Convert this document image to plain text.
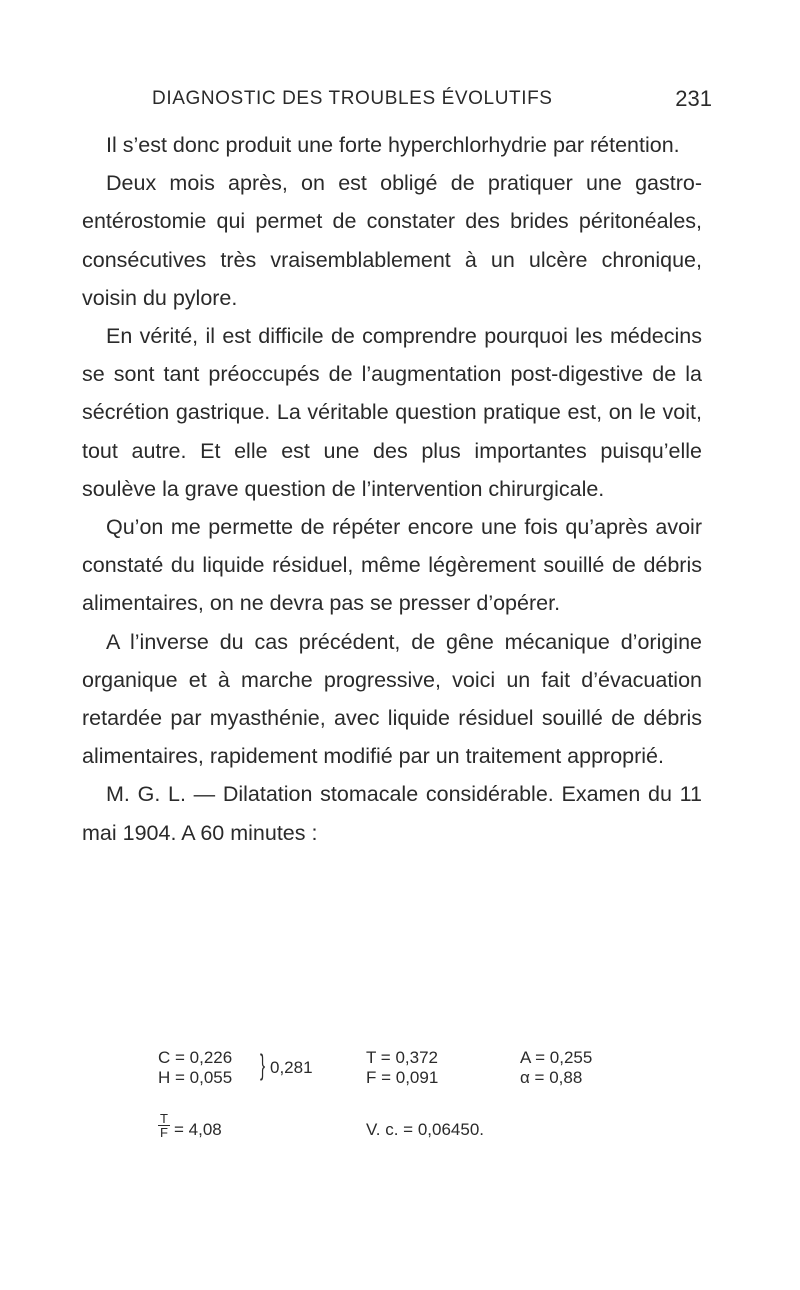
DIAGNOSTIC DES TROUBLES ÉVOLUTIFS	231

Il s’est donc produit une forte hyperchlorhydrie par rétention.

Deux mois après, on est obligé de pratiquer une gastro-entérostomie qui permet de constater des brides péritonéales, consécutives très vraisemblablement à un ulcère chronique, voisin du pylore.

En vérité, il est difficile de comprendre pourquoi les médecins se sont tant préoccupés de l’augmentation post-digestive de la sécrétion gastrique. La véritable question pratique est, on le voit, tout autre. Et elle est une des plus importantes puisqu’elle soulève la grave question de l’intervention chirurgicale.

Qu’on me permette de répéter encore une fois qu’après avoir constaté du liquide résiduel, même légèrement souillé de débris alimentaires, on ne devra pas se presser d’opérer.

A l’inverse du cas précédent, de gêne mécanique d’origine organique et à marche progressive, voici un fait d’évacuation retardée par myasthénie, avec liquide résiduel souillé de débris alimentaires, rapidement modifié par un traitement approprié.

M. G. L. — Dilatation stomacale considérable. Examen du 11 mai 1904. A 60 minutes :

C = 0,226
H = 0,055 } 0,281
T = 0,372
F = 0,091
A = 0,255
α = 0,88
$\frac{T}{F} = 4,08$	V. c. = 0,06450.
